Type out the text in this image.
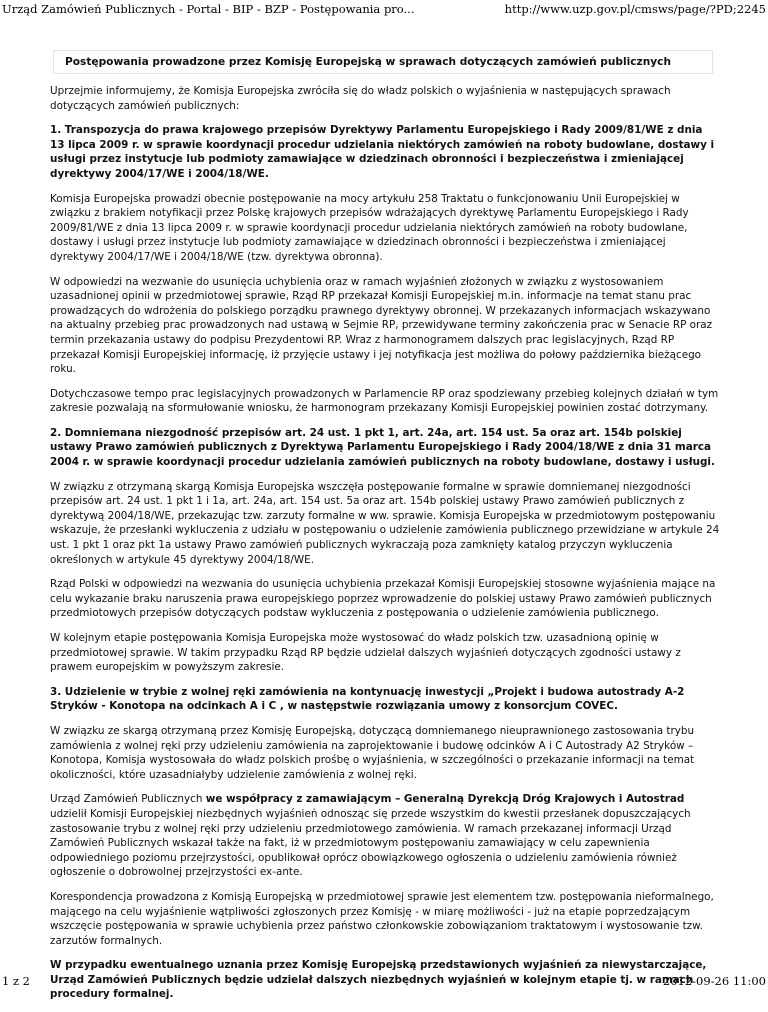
Urząd Zamówień Publicznych - Portal - BIP - BZP - Postępowania pro...	http://www.uzp.gov.pl/cmsws/page/?PD;2245
Postępowania prowadzone przez Komisję Europejską w sprawach dotyczących zamówień publicznych

Uprzejmie informujemy, że Komisja Europejska zwróciła się do władz polskich o wyjaśnienia w następujących sprawach dotyczących zamówień publicznych:

1. Transpozycja do prawa krajowego przepisów Dyrektywy Parlamentu Europejskiego i Rady 2009/81/WE z dnia 13 lipca 2009 r. w sprawie koordynacji procedur udzielania niektórych zamówień na roboty budowlane, dostawy i usługi przez instytucje lub podmioty zamawiające w dziedzinach obronności i bezpieczeństwa i zmieniającej dyrektywy 2004/17/WE i 2004/18/WE.

Komisja Europejska prowadzi obecnie postępowanie na mocy artykułu 258 Traktatu o funkcjonowaniu Unii Europejskiej w związku z brakiem notyfikacji przez Polskę krajowych przepisów wdrażających dyrektywę Parlamentu Europejskiego i Rady 2009/81/WE z dnia 13 lipca 2009 r. w sprawie koordynacji procedur udzielania niektórych zamówień na roboty budowlane, dostawy i usługi przez instytucje lub podmioty zamawiające w dziedzinach obronności i bezpieczeństwa i zmieniającej dyrektywy 2004/17/WE i 2004/18/WE (tzw. dyrektywa obronna).

W odpowiedzi na wezwanie do usunięcia uchybienia oraz w ramach wyjaśnień złożonych w związku z wystosowaniem uzasadnionej opinii w przedmiotowej sprawie, Rząd RP przekazał Komisji Europejskiej m.in. informacje na temat stanu prac prowadzących do wdrożenia do polskiego porządku prawnego dyrektywy obronnej. W przekazanych informacjach wskazywano na aktualny przebieg prac prowadzonych nad ustawą w Sejmie RP, przewidywane terminy zakończenia prac w Senacie RP oraz termin przekazania ustawy do podpisu Prezydentowi RP. Wraz z harmonogramem dalszych prac legislacyjnych, Rząd RP przekazał Komisji Europejskiej informację, iż przyjęcie ustawy i jej notyfikacja jest możliwa do połowy października bieżącego roku.

Dotychczasowe tempo prac legislacyjnych prowadzonych w Parlamencie RP oraz spodziewany przebieg kolejnych działań w tym zakresie pozwalają na sformułowanie wniosku, że harmonogram przekazany Komisji Europejskiej powinien zostać dotrzymany.

2. Domniemana niezgodność przepisów art. 24 ust. 1 pkt 1, art. 24a, art. 154 ust. 5a oraz art. 154b polskiej ustawy Prawo zamówień publicznych z Dyrektywą Parlamentu Europejskiego i Rady 2004/18/WE z dnia 31 marca 2004 r. w sprawie koordynacji procedur udzielania zamówień publicznych na roboty budowlane, dostawy i usługi.

W związku z otrzymaną skargą Komisja Europejska wszczęła postępowanie formalne w sprawie domniemanej niezgodności przepisów art. 24 ust. 1 pkt 1 i 1a, art. 24a, art. 154 ust. 5a oraz art. 154b polskiej ustawy Prawo zamówień publicznych z dyrektywą 2004/18/WE, przekazując tzw. zarzuty formalne w ww. sprawie. Komisja Europejska w przedmiotowym postępowaniu wskazuje, że przesłanki wykluczenia z udziału w postępowaniu o udzielenie zamówienia publicznego przewidziane w artykule 24 ust. 1 pkt 1 oraz pkt 1a ustawy Prawo zamówień publicznych wykraczają poza zamknięty katalog przyczyn wykluczenia określonych w artykule 45 dyrektywy 2004/18/WE.

Rząd Polski w odpowiedzi na wezwania do usunięcia uchybienia przekazał Komisji Europejskiej stosowne wyjaśnienia mające na celu wykazanie braku naruszenia prawa europejskiego poprzez wprowadzenie do polskiej ustawy Prawo zamówień publicznych przedmiotowych przepisów dotyczących podstaw wykluczenia z postępowania o udzielenie zamówienia publicznego.

W kolejnym etapie postępowania Komisja Europejska może wystosować do władz polskich tzw. uzasadnioną opinię w przedmiotowej sprawie. W takim przypadku Rząd RP będzie udzielał dalszych wyjaśnień dotyczących zgodności ustawy z prawem europejskim w powyższym zakresie.

3. Udzielenie w trybie z wolnej ręki zamówienia na kontynuację inwestycji „Projekt i budowa autostrady A-2 Stryków - Konotopa na odcinkach A i C , w następstwie rozwiązania umowy z konsorcjum COVEC.

W związku ze skargą otrzymaną przez Komisję Europejską, dotyczącą domniemanego nieuprawnionego zastosowania trybu zamówienia z wolnej ręki przy udzieleniu zamówienia na zaprojektowanie i budowę odcinków A i C Autostrady A2 Stryków – Konotopa, Komisja wystosowała do władz polskich prośbę o wyjaśnienia, w szczególności o przekazanie informacji na temat okoliczności, które uzasadniałyby udzielenie zamówienia z wolnej ręki.

Urząd Zamówień Publicznych we współpracy z zamawiającym – Generalną Dyrekcją Dróg Krajowych i Autostrad udzielił Komisji Europejskiej niezbędnych wyjaśnień odnosząc się przede wszystkim do kwestii przesłanek dopuszczających zastosowanie trybu z wolnej ręki przy udzieleniu przedmiotowego zamówienia. W ramach przekazanej informacji Urząd Zamówień Publicznych wskazał także na fakt, iż w przedmiotowym postępowaniu zamawiający w celu zapewnienia odpowiedniego poziomu przejrzystości, opublikował oprócz obowiązkowego ogłoszenia o udzieleniu zamówienia również ogłoszenie o dobrowolnej przejrzystości ex-ante.

Korespondencja prowadzona z Komisją Europejską w przedmiotowej sprawie jest elementem tzw. postępowania nieformalnego, mającego na celu wyjaśnienie wątpliwości zgłoszonych przez Komisję - w miarę możliwości - już na etapie poprzedzającym wszczęcie postępowania w sprawie uchybienia przez państwo członkowskie zobowiązaniom traktatowym i wystosowanie tzw. zarzutów formalnych.

W przypadku ewentualnego uznania przez Komisję Europejską przedstawionych wyjaśnień za niewystarczające, Urząd Zamówień Publicznych będzie udzielał dalszych niezbędnych wyjaśnień w kolejnym etapie tj. w ramach procedury formalnej.

1 z 2	2012-09-26 11:00
